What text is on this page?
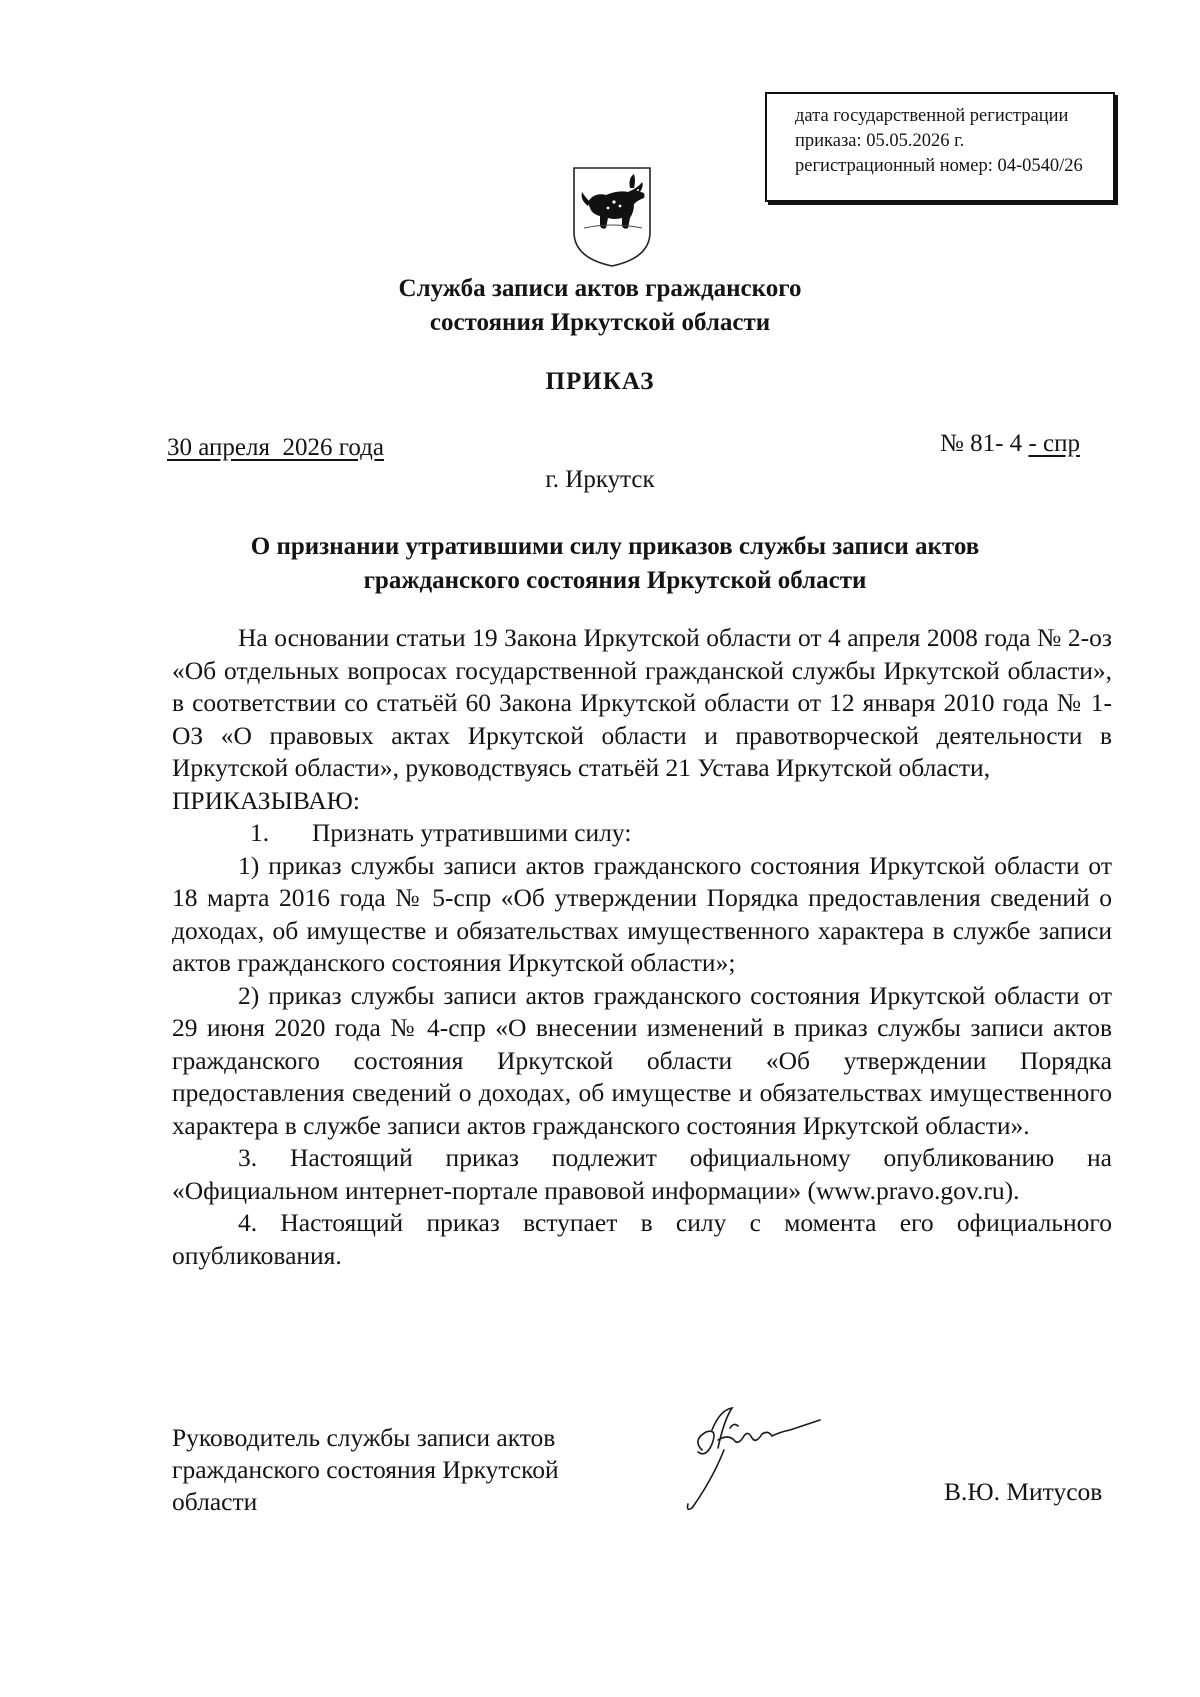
дата государственной регистрации
приказа: 05.05.2026 г.
регистрационный номер: 04-0540/26
Служба записи актов гражданского
состояния Иркутской области
ПРИКАЗ
30 апреля  2026 года	№ 81- 4 - спр
г. Иркутск
О признании утратившими силу приказов службы записи актов
гражданского состояния Иркутской области

На основании статьи 19 Закона Иркутской области от 4 апреля 2008 года № 2-оз «Об отдельных вопросах государственной гражданской службы Иркутской области», в соответствии со статьёй 60 Закона Иркутской области от 12 января 2010 года № 1-ОЗ «О правовых актах Иркутской области и правотворческой деятельности в Иркутской области», руководствуясь статьёй 21 Устава Иркутской области,

ПРИКАЗЫВАЮ:

1. Признать утратившими силу:

1) приказ службы записи актов гражданского состояния Иркутской области от 18 марта 2016 года № 5-спр «Об утверждении Порядка предоставления сведений о доходах, об имуществе и обязательствах имущественного характера в службе записи актов гражданского состояния Иркутской области»;

2) приказ службы записи актов гражданского состояния Иркутской области от 29 июня 2020 года № 4-спр «О внесении изменений в приказ службы записи актов гражданского состояния Иркутской области «Об утверждении Порядка предоставления сведений о доходах, об имуществе и обязательствах имущественного характера в службе записи актов гражданского состояния Иркутской области».

3. Настоящий приказ подлежит официальному опубликованию на «Официальном интернет-портале правовой информации» (www.pravo.gov.ru).

4. Настоящий приказ вступает в силу с момента его официального опубликования.

Руководитель службы записи актов
гражданского состояния Иркутской
области	В.Ю. Митусов
